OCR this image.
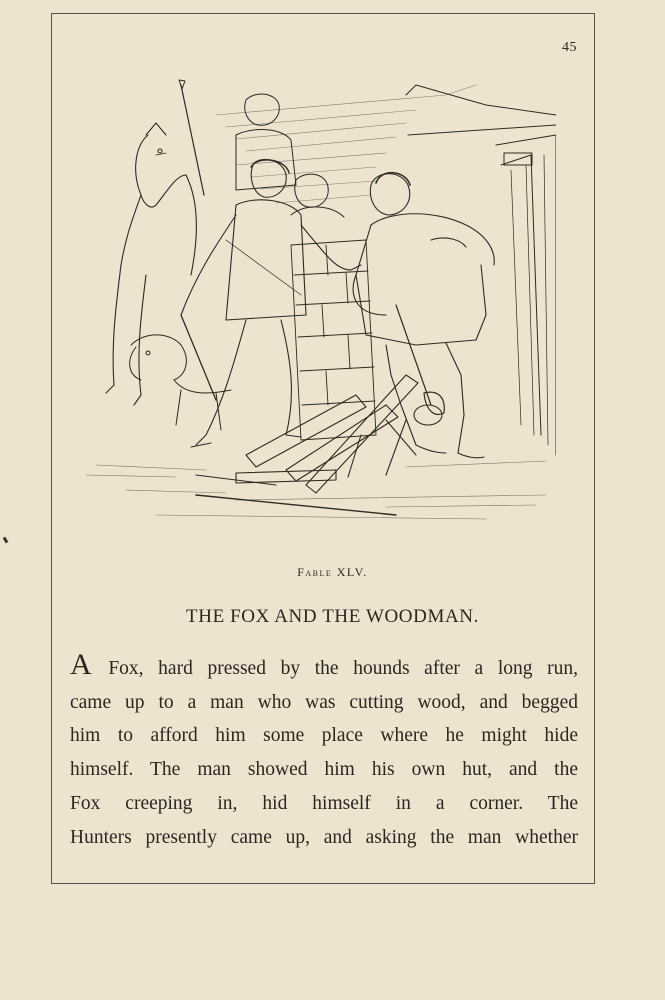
45
Fable XLV.
THE FOX AND THE WOODMAN.
A Fox, hard pressed by the hounds after a long run,
came up to a man who was cutting wood, and begged
him to afford him some place where he might hide
himself. The man showed him his own hut, and the
Fox creeping in, hid himself in a corner. The
Hunters presently came up, and asking the man whether
